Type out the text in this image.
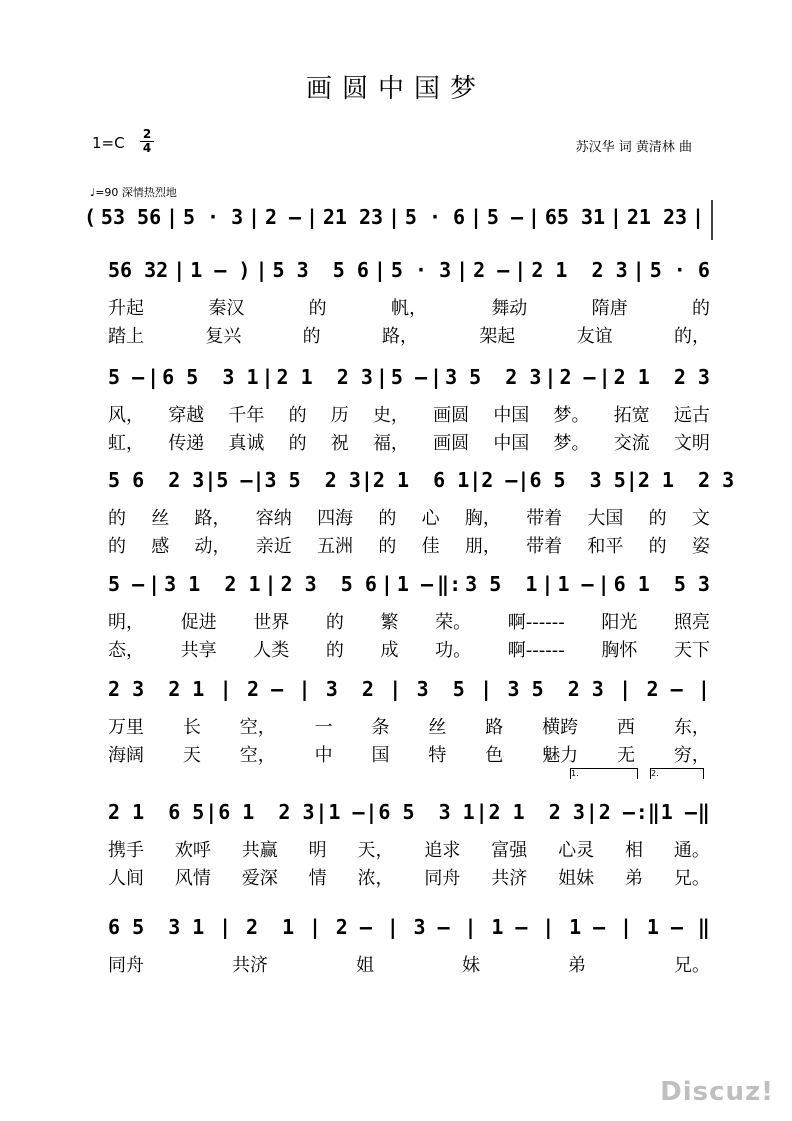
画圆中国梦
1=C 2
4	苏汉华 词 黄清林 曲
♩=90 深情热烈地
( 53 56 | 5 · 3 | 2 – | 21 23 | 5 · 6 | 5 – | 65 31 | 21 23 |
56 32 | 1 – ) | 5 3  5 6 | 5 · 3 | 2 – | 2 1  2 3 | 5 · 6
升起	秦汉	的	帆，	舞动	隋唐	的
踏上	复兴	的	路，	架起	友谊	的，
5 – | 6 5  3 1 | 2 1  2 3 | 5 – | 3 5  2 3 | 2 – | 2 1  2 3
风， 穿越 千年 的 历 史， 画圆 中国 梦。 拓宽 远古
虹， 传递 真诚 的 祝 福， 画圆 中国 梦。 交流 文明
5 6  2 3 | 5 – | 3 5  2 3 | 2 1  6 1 | 2 – | 6 5  3 5 | 2 1  2 3
的 丝 路， 容纳 四海 的 心 胸， 带着 大国 的 文
的 感 动， 亲近 五洲 的 佳 朋， 带着 和平 的 姿
5 – | 3 1  2 1 | 2 3  5 6 | 1 – ‖: 3 5  1 | 1 – | 6 1  5 3
明， 促进 世界 的 繁 荣。 啊------ 阳光 照亮
态， 共享 人类 的 成 功。 啊------ 胸怀 天下
2 3  2 1 | 2 – | 3  2 | 3  5 | 3 5  2 3 | 2 – |
万里 长 空， 一 条 丝 路 横跨 西 东，
海阔 天 空， 中 国 特 色 魅力 无 穷，
2 1  6 5 | 6 1  2 3 | 1 – | 6 5  3 1 | 2 1  2 3 | 2 – :‖ 1 – ‖
携手 欢呼 共赢 明 天， 追求 富强 心灵 相 通。
人间 风情 爱深 情 浓， 同舟 共济 姐妹 弟 兄。
1.	2.
6 5  3 1 | 2  1 | 2 – | 3 – | 1 – | 1 – | 1 – ‖
同舟	共济	姐	妹	弟	兄。
Discuz!
